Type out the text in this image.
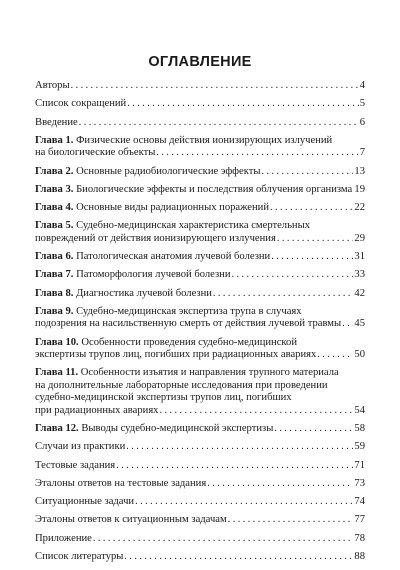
ОГЛАВЛЕНИЕ
Авторы . . .	4
Список сокращений . . .	5
Введение . . .	6
Глава 1. Физические основы действия ионизирующих излучений
на биологические объекты . . .	7
Глава 2. Основные радиобиологические эффекты . . .	13
Глава 3. Биологические эффекты и последствия облучения организма . . . 19
Глава 4. Основные виды радиационных поражений . . .	22
Глава 5. Судебно-медицинская характеристика смертельных
повреждений от действия ионизирующего излучения . . .	29
Глава 6. Патологическая анатомия лучевой болезни . . .	31
Глава 7. Патоморфология лучевой болезни . . .	33
Глава 8. Диагностика лучевой болезни . . .	42
Глава 9. Судебно-медицинская экспертиза трупа в случаях
подозрения на насильственную смерть от действия лучевой травмы . . . 45
Глава 10. Особенности проведения судебно-медицинской
экспертизы трупов лиц, погибших при радиационных авариях . . .	50
Глава 11. Особенности изъятия и направления трупного материала
на дополнительные лабораторные исследования при проведении
судебно-медицинской экспертизы трупов лиц, погибших
при радиационных авариях . . .	54
Глава 12. Выводы судебно-медицинской экспертизы . . .	58
Случаи из практики . . .	59
Тестовые задания . . .	71
Эталоны ответов на тестовые задания . . .	73
Ситуационные задачи . . .	74
Эталоны ответов к ситуационным задачам . . .	77
Приложение . . .	78
Список литературы . . .	88
